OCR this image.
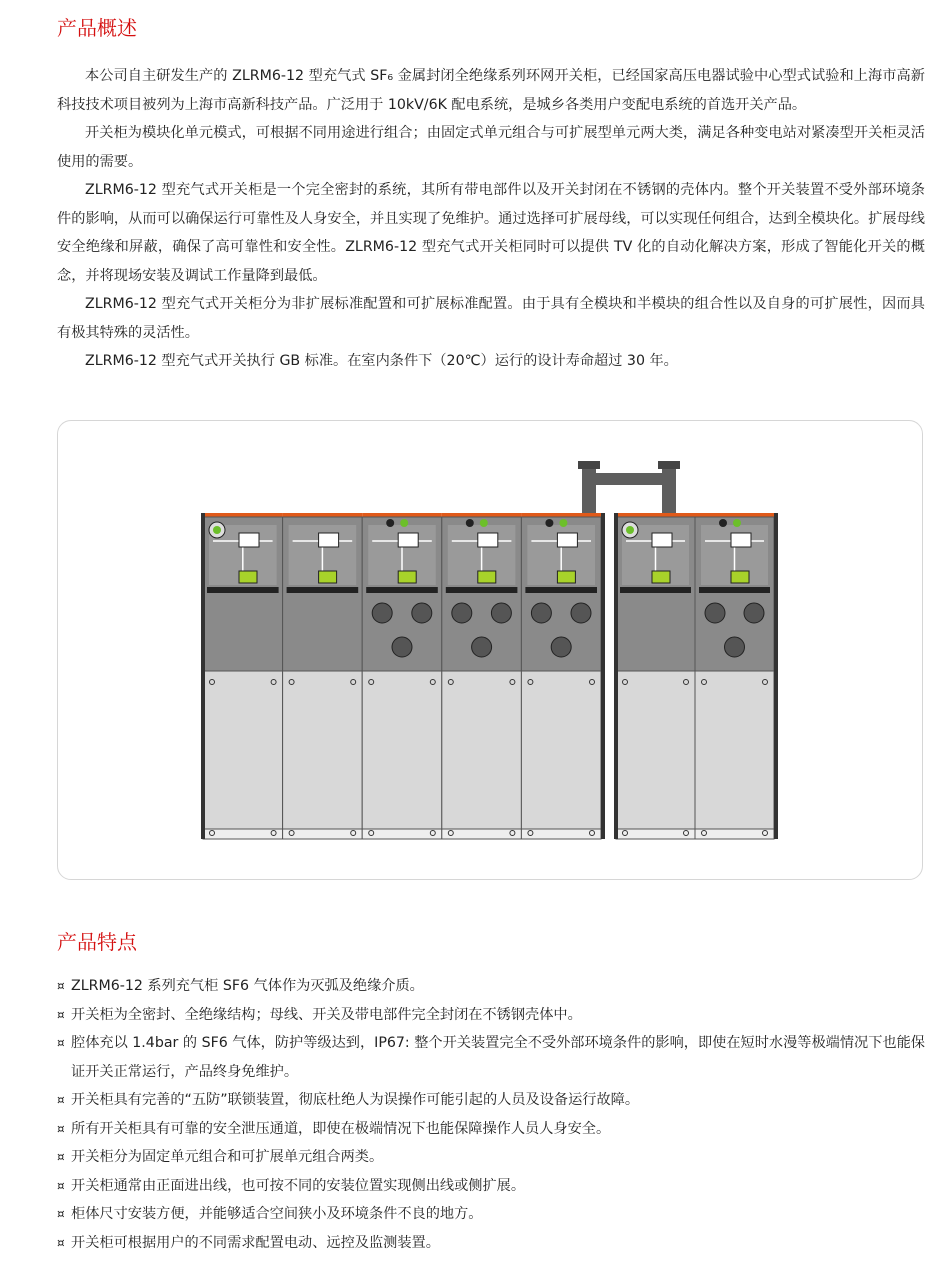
产品概述

本公司自主研发生产的 ZLRM6-12 型充气式 SF₆ 金属封闭全绝缘系列环网开关柜，已经国家高压电器试验中心型式试验和上海市高新科技技术项目被列为上海市高新科技产品。广泛用于 10kV/6K 配电系统，是城乡各类用户变配电系统的首选开关产品。

开关柜为模块化单元模式，可根据不同用途进行组合；由固定式单元组合与可扩展型单元两大类，满足各种变电站对紧凑型开关柜灵活使用的需要。

ZLRM6-12 型充气式开关柜是一个完全密封的系统，其所有带电部件以及开关封闭在不锈钢的壳体内。整个开关装置不受外部环境条件的影响，从而可以确保运行可靠性及人身安全，并且实现了免维护。通过选择可扩展母线，可以实现任何组合，达到全模块化。扩展母线安全绝缘和屏蔽，确保了高可靠性和安全性。ZLRM6-12 型充气式开关柜同时可以提供 TV 化的自动化解决方案，形成了智能化开关的概念，并将现场安装及调试工作量降到最低。

ZLRM6-12 型充气式开关柜分为非扩展标准配置和可扩展标准配置。由于具有全模块和半模块的组合性以及自身的可扩展性，因而具有极其特殊的灵活性。

ZLRM6-12 型充气式开关执行 GB 标准。在室内条件下（20℃）运行的设计寿命超过 30 年。

产品特点
¤ ZLRM6-12 系列充气柜 SF6 气体作为灭弧及绝缘介质。
¤ 开关柜为全密封、全绝缘结构；母线、开关及带电部件完全封闭在不锈钢壳体中。
¤ 腔体充以 1.4bar 的 SF6 气体，防护等级达到，IP67: 整个开关装置完全不受外部环境条件的影响，即使在短时水漫等极端情况下也能保证开关正常运行，产品终身免维护。
¤ 开关柜具有完善的“五防”联锁装置，彻底杜绝人为误操作可能引起的人员及设备运行故障。
¤ 所有开关柜具有可靠的安全泄压通道，即使在极端情况下也能保障操作人员人身安全。
¤ 开关柜分为固定单元组合和可扩展单元组合两类。
¤ 开关柜通常由正面进出线，也可按不同的安装位置实现侧出线或侧扩展。
¤ 柜体尺寸安装方便，并能够适合空间狭小及环境条件不良的地方。
¤ 开关柜可根据用户的不同需求配置电动、远控及监测装置。
